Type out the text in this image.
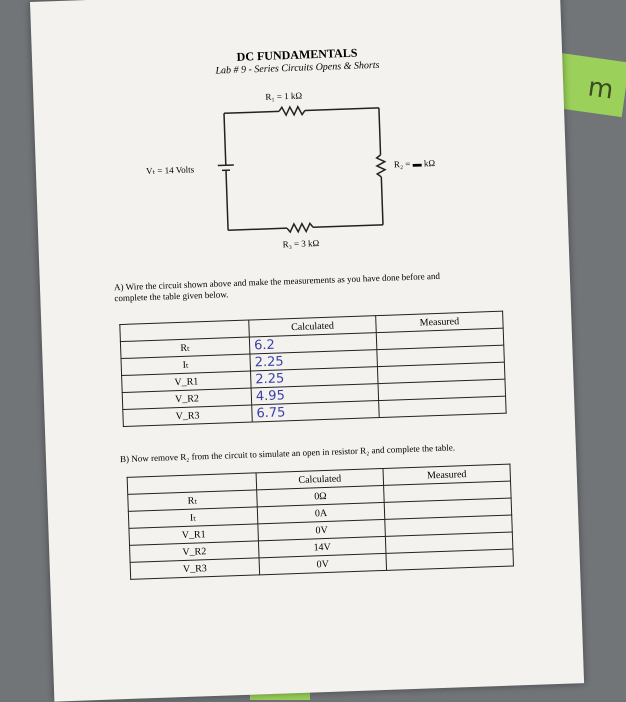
m
DC FUNDAMENTALS
Lab # 9 - Series Circuits Opens & Shorts
R₁ = 1 kΩ
R₂ = ▬ kΩ
R₃ = 3 kΩ
Vₜ = 14 Volts
A) Wire the circuit shown above and make the measurements as you have done before and complete the table given below.
	Calculated	Measured
Rₜ	6.2	
Iₜ	2.25	
V_R1	2.25	
V_R2	4.95	
V_R3	6.75	
B) Now remove R₂ from the circuit to simulate an open in resistor R₂ and complete the table.
	Calculated	Measured
Rₜ	0Ω	
Iₜ	0A	
V_R1	0V	
V_R2	14V	
V_R3	0V	
